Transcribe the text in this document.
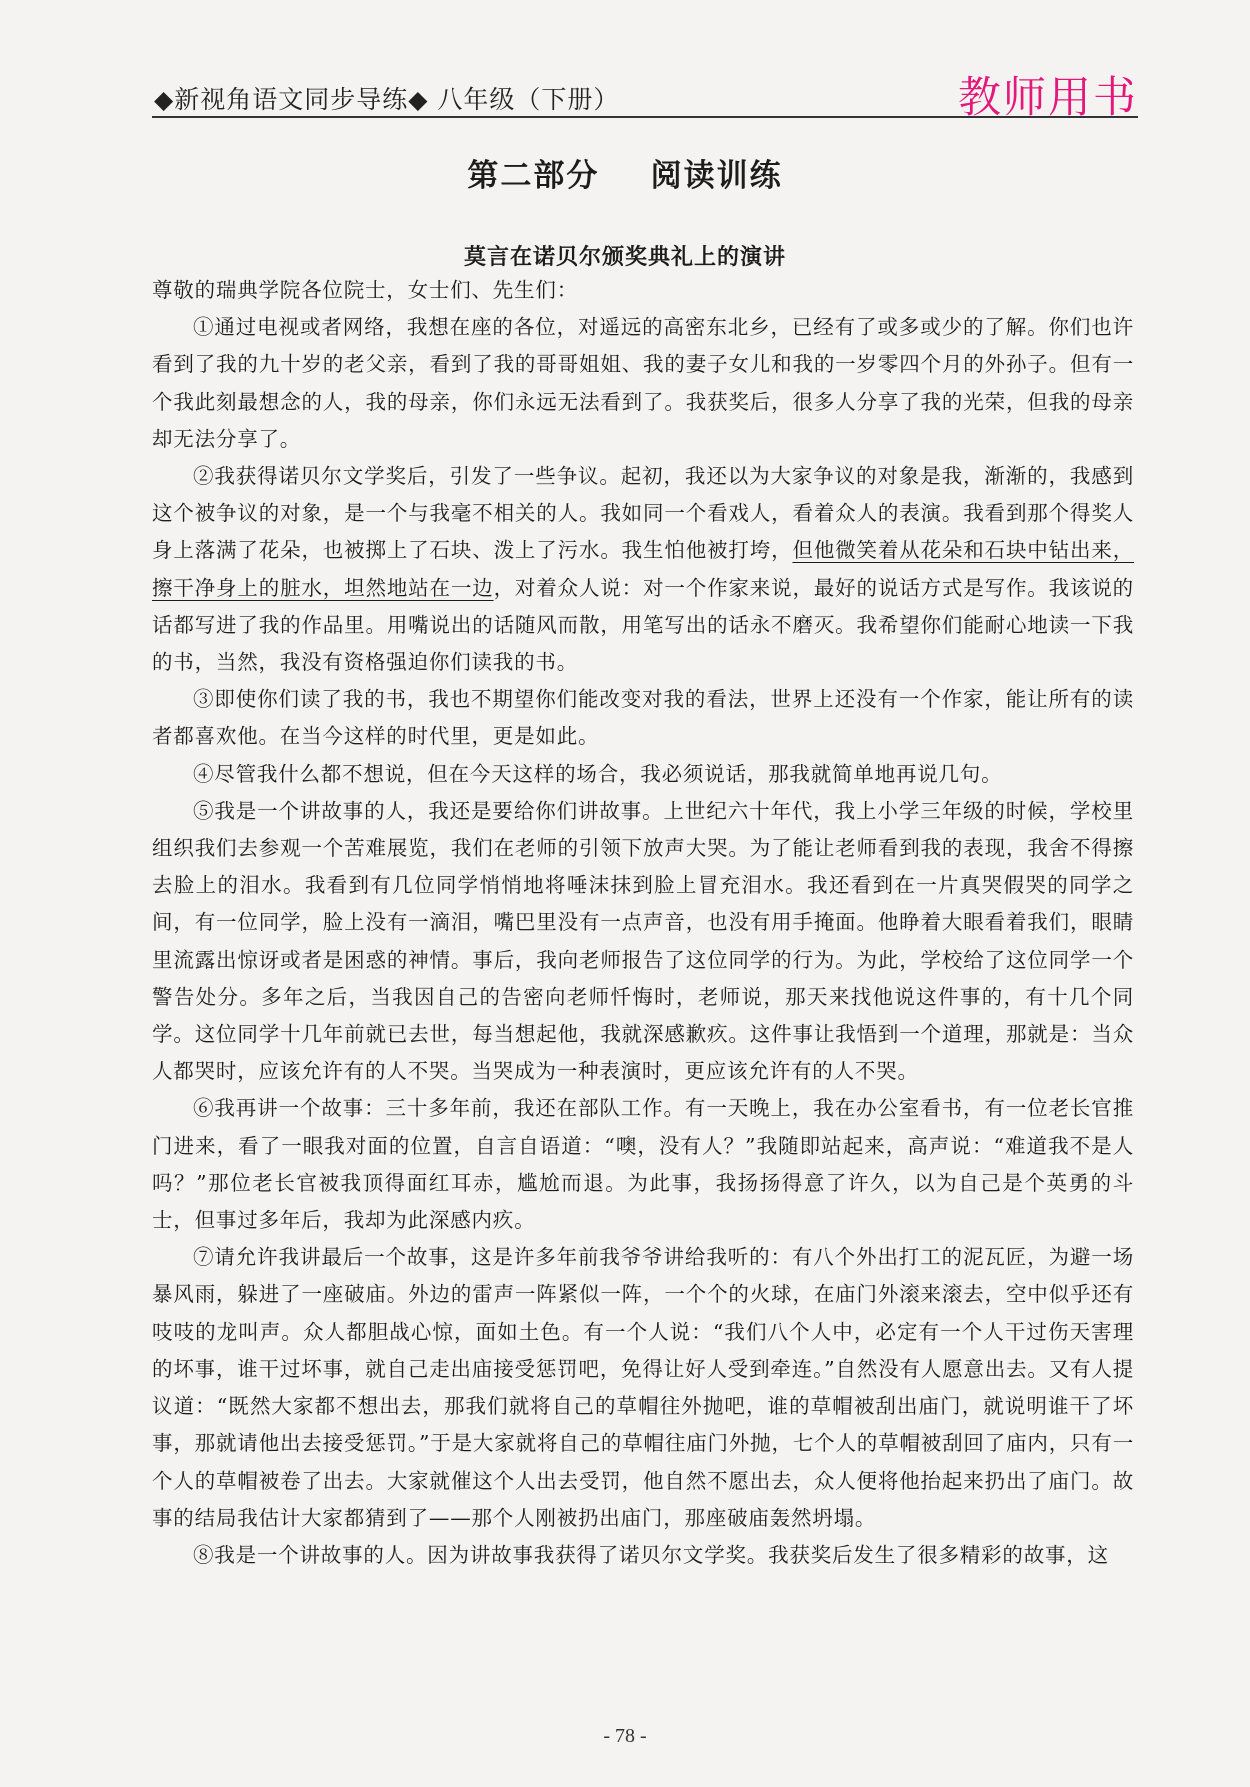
◆新视角语文同步导练◆ 八年级（下册）	教师用书
第二部分    阅读训练
莫言在诺贝尔颁奖典礼上的演讲

尊敬的瑞典学院各位院士，女士们、先生们：

①通过电视或者网络，我想在座的各位，对遥远的高密东北乡，已经有了或多或少的了解。你们也许看到了我的九十岁的老父亲，看到了我的哥哥姐姐、我的妻子女儿和我的一岁零四个月的外孙子。但有一个我此刻最想念的人，我的母亲，你们永远无法看到了。我获奖后，很多人分享了我的光荣，但我的母亲却无法分享了。

②我获得诺贝尔文学奖后，引发了一些争议。起初，我还以为大家争议的对象是我，渐渐的，我感到这个被争议的对象，是一个与我毫不相关的人。我如同一个看戏人，看着众人的表演。我看到那个得奖人身上落满了花朵，也被掷上了石块、泼上了污水。我生怕他被打垮，但他微笑着从花朵和石块中钻出来，擦干净身上的脏水，坦然地站在一边，对着众人说：对一个作家来说，最好的说话方式是写作。我该说的话都写进了我的作品里。用嘴说出的话随风而散，用笔写出的话永不磨灭。我希望你们能耐心地读一下我的书，当然，我没有资格强迫你们读我的书。

③即使你们读了我的书，我也不期望你们能改变对我的看法，世界上还没有一个作家，能让所有的读者都喜欢他。在当今这样的时代里，更是如此。

④尽管我什么都不想说，但在今天这样的场合，我必须说话，那我就简单地再说几句。

⑤我是一个讲故事的人，我还是要给你们讲故事。上世纪六十年代，我上小学三年级的时候，学校里组织我们去参观一个苦难展览，我们在老师的引领下放声大哭。为了能让老师看到我的表现，我舍不得擦去脸上的泪水。我看到有几位同学悄悄地将唾沫抹到脸上冒充泪水。我还看到在一片真哭假哭的同学之间，有一位同学，脸上没有一滴泪，嘴巴里没有一点声音，也没有用手掩面。他睁着大眼看着我们，眼睛里流露出惊讶或者是困惑的神情。事后，我向老师报告了这位同学的行为。为此，学校给了这位同学一个警告处分。多年之后，当我因自己的告密向老师忏悔时，老师说，那天来找他说这件事的，有十几个同学。这位同学十几年前就已去世，每当想起他，我就深感歉疚。这件事让我悟到一个道理，那就是：当众人都哭时，应该允许有的人不哭。当哭成为一种表演时，更应该允许有的人不哭。

⑥我再讲一个故事：三十多年前，我还在部队工作。有一天晚上，我在办公室看书，有一位老长官推门进来，看了一眼我对面的位置，自言自语道：“噢，没有人？”我随即站起来，高声说：“难道我不是人吗？”那位老长官被我顶得面红耳赤，尴尬而退。为此事，我扬扬得意了许久，以为自己是个英勇的斗士，但事过多年后，我却为此深感内疚。

⑦请允许我讲最后一个故事，这是许多年前我爷爷讲给我听的：有八个外出打工的泥瓦匠，为避一场暴风雨，躲进了一座破庙。外边的雷声一阵紧似一阵，一个个的火球，在庙门外滚来滚去，空中似乎还有吱吱的龙叫声。众人都胆战心惊，面如土色。有一个人说：“我们八个人中，必定有一个人干过伤天害理的坏事，谁干过坏事，就自己走出庙接受惩罚吧，免得让好人受到牵连。”自然没有人愿意出去。又有人提议道：“既然大家都不想出去，那我们就将自己的草帽往外抛吧，谁的草帽被刮出庙门，就说明谁干了坏事，那就请他出去接受惩罚。”于是大家就将自己的草帽往庙门外抛，七个人的草帽被刮回了庙内，只有一个人的草帽被卷了出去。大家就催这个人出去受罚，他自然不愿出去，众人便将他抬起来扔出了庙门。故事的结局我估计大家都猜到了——那个人刚被扔出庙门，那座破庙轰然坍塌。

⑧我是一个讲故事的人。因为讲故事我获得了诺贝尔文学奖。我获奖后发生了很多精彩的故事，这

- 78 -
